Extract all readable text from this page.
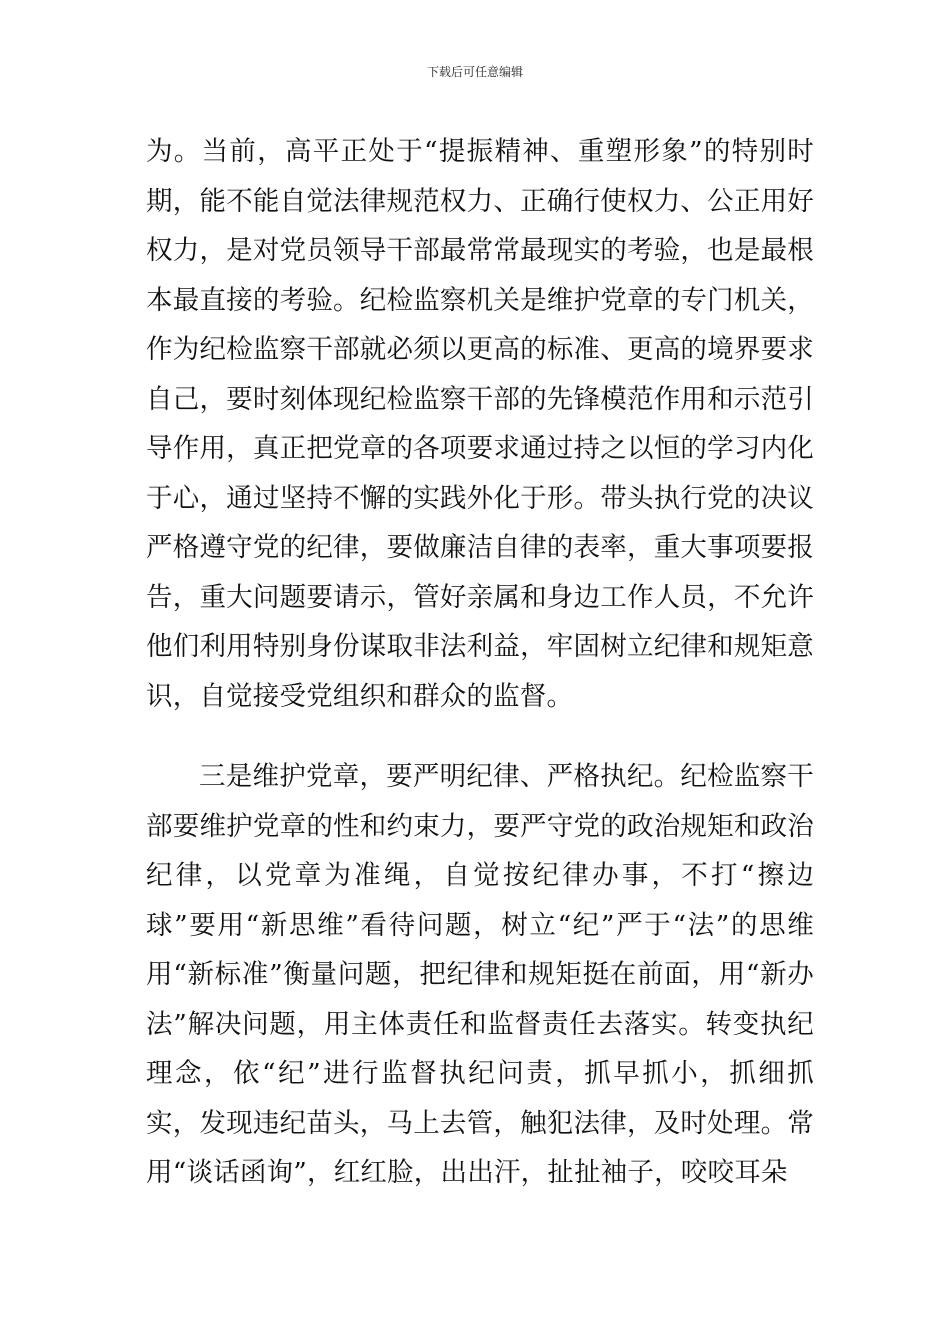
下载后可任意编辑

为。当前，高平正处于“提振精神、重塑形象”的特别时期，能不能自觉法律规范权力、正确行使权力、公正用好权力，是对党员领导干部最常常最现实的考验，也是最根本最直接的考验。纪检监察机关是维护党章的专门机关，作为纪检监察干部就必须以更高的标准、更高的境界要求自己，要时刻体现纪检监察干部的先锋模范作用和示范引导作用，真正把党章的各项要求通过持之以恒的学习内化于心，通过坚持不懈的实践外化于形。带头执行党的决议严格遵守党的纪律，要做廉洁自律的表率，重大事项要报告，重大问题要请示，管好亲属和身边工作人员，不允许他们利用特别身份谋取非法利益，牢固树立纪律和规矩意识，自觉接受党组织和群众的监督。

三是维护党章，要严明纪律、严格执纪。纪检监察干部要维护党章的性和约束力，要严守党的政治规矩和政治纪律，以党章为准绳，自觉按纪律办事，不打“擦边球”要用“新思维”看待问题，树立“纪”严于“法”的思维用“新标准”衡量问题，把纪律和规矩挺在前面，用“新办法”解决问题，用主体责任和监督责任去落实。转变执纪理念，依“纪”进行监督执纪问责，抓早抓小，抓细抓实，发现违纪苗头，马上去管，触犯法律，及时处理。常用“谈话函询”，红红脸，出出汗，扯扯袖子，咬咬耳朵
